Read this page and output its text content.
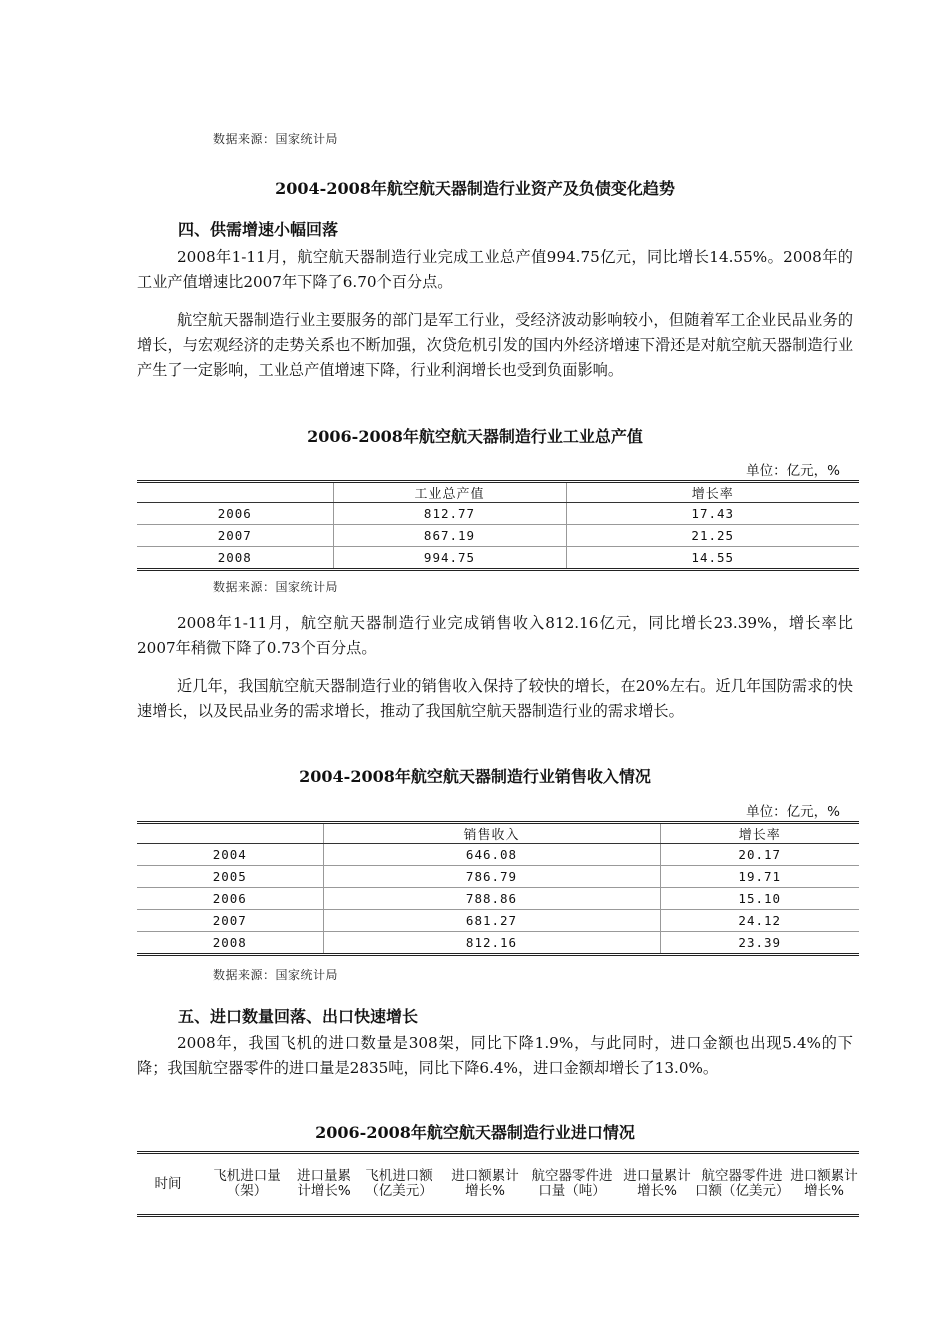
数据来源：国家统计局
2004-2008年航空航天器制造行业资产及负债变化趋势
四、供需增速小幅回落
2008年1-11月，航空航天器制造行业完成工业总产值994.75亿元，同比增长14.55%。2008年的工业产值增速比2007年下降了6.70个百分点。
航空航天器制造行业主要服务的部门是军工行业，受经济波动影响较小，但随着军工企业民品业务的增长，与宏观经济的走势关系也不断加强，次贷危机引发的国内外经济增速下滑还是对航空航天器制造行业产生了一定影响，工业总产值增速下降，行业利润增长也受到负面影响。
2006-2008年航空航天器制造行业工业总产值
单位：亿元，%
	工业总产值	增长率
2006	812.77	17.43
2007	867.19	21.25
2008	994.75	14.55
数据来源：国家统计局
2008年1-11月，航空航天器制造行业完成销售收入812.16亿元，同比增长23.39%，增长率比2007年稍微下降了0.73个百分点。
近几年，我国航空航天器制造行业的销售收入保持了较快的增长，在20%左右。近几年国防需求的快速增长，以及民品业务的需求增长，推动了我国航空航天器制造行业的需求增长。
2004-2008年航空航天器制造行业销售收入情况
单位：亿元，%
	销售收入	增长率
2004	646.08	20.17
2005	786.79	19.71
2006	788.86	15.10
2007	681.27	24.12
2008	812.16	23.39
数据来源：国家统计局
五、进口数量回落、出口快速增长
2008年，我国飞机的进口数量是308架，同比下降1.9%，与此同时，进口金额也出现5.4%的下降；我国航空器零件的进口量是2835吨，同比下降6.4%，进口金额却增长了13.0%。
2006-2008年航空航天器制造行业进口情况
时间	飞机进口量（架）	进口量累计增长%	飞机进口额（亿美元）	进口额累计增长%	航空器零件进口量（吨）	进口量累计增长%	航空器零件进口额（亿美元）	进口额累计增长%
